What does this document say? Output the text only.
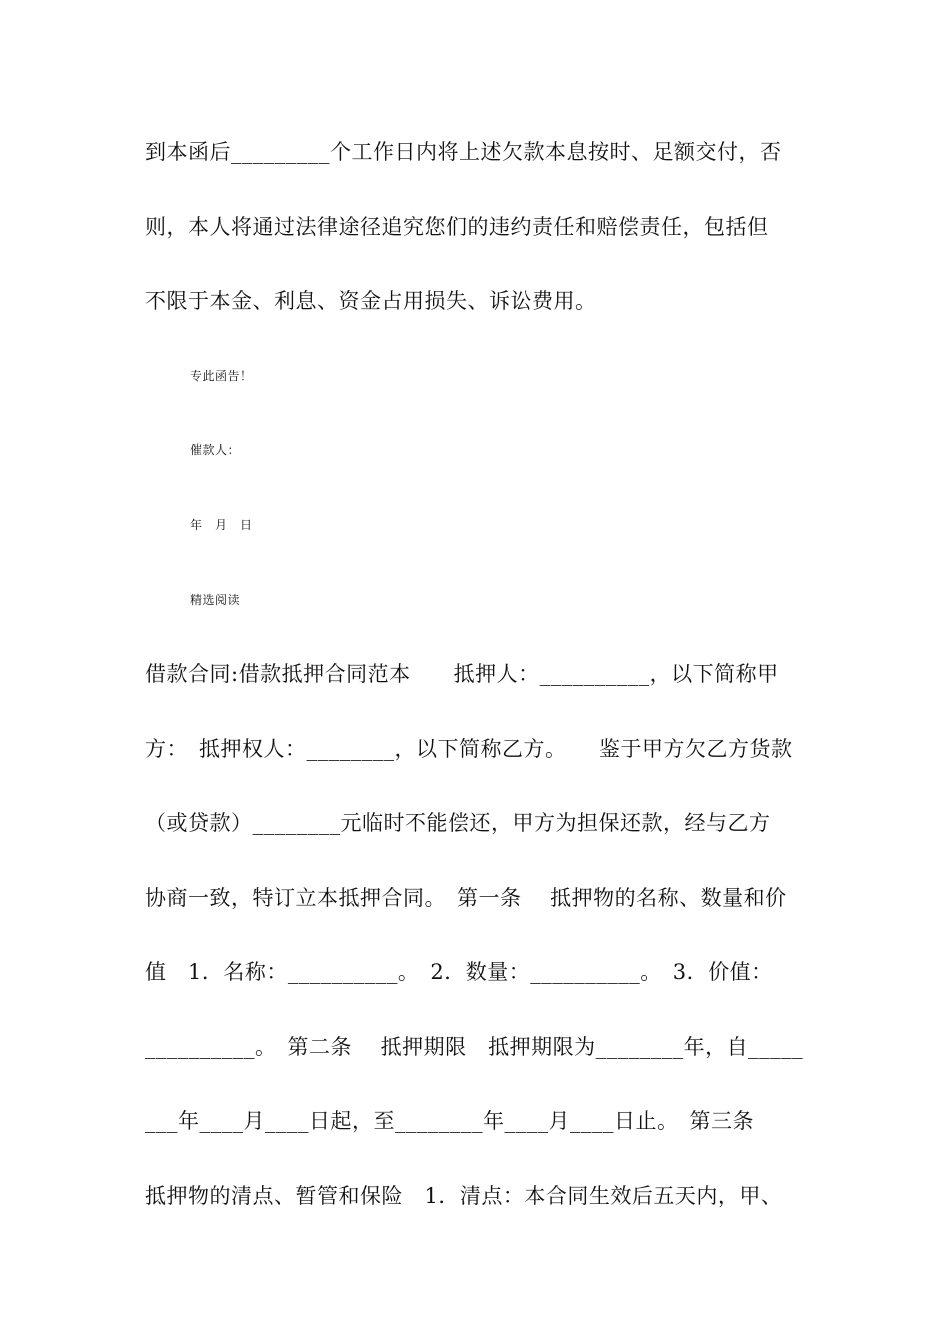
到本函后_________个工作日内将上述欠款本息按时、足额交付，否
则，本人将通过法律途径追究您们的违约责任和赔偿责任，包括但
不限于本金、利息、资金占用损失、诉讼费用。
专此函告！
催款人：
年　月　日
精选阅读
借款合同:借款抵押合同范本　　抵押人：__________，以下简称甲
方：　抵押权人：________，以下简称乙方。　　鉴于甲方欠乙方货款
（或贷款）________元临时不能偿还，甲方为担保还款，经与乙方
协商一致，特订立本抵押合同。　第一条　 抵押物的名称、数量和价
值　1．名称：__________。　2．数量：__________。　3．价值：
__________。　第二条　 抵押期限　抵押期限为________年，自_____
___年____月____日起，至________年____月____日止。　第三条
抵押物的清点、暂管和保险　1．清点：本合同生效后五天内，甲、
